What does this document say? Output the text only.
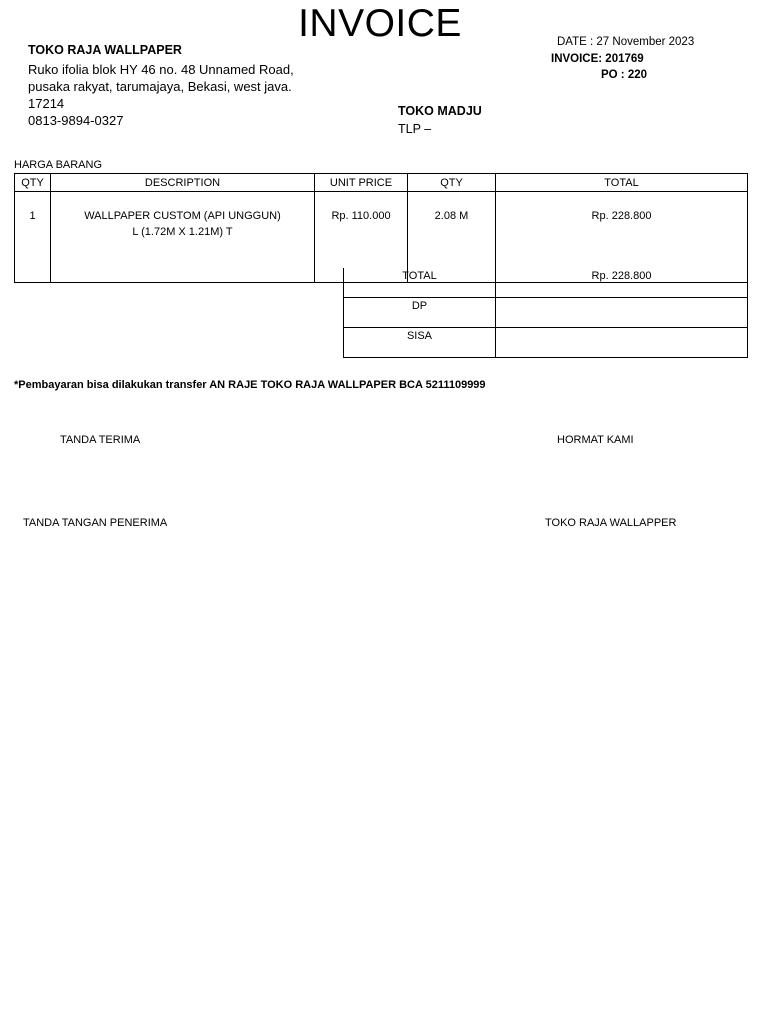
INVOICE
TOKO RAJA WALLPAPER
Ruko ifolia blok HY 46 no. 48 Unnamed Road,
pusaka rakyat, tarumajaya, Bekasi, west java.
17214
0813-9894-0327
DATE : 27 November 2023
INVOICE: 201769
PO : 220
TOKO MADJU
TLP –
HARGA BARANG
QTY	DESCRIPTION	UNIT PRICE	QTY	TOTAL
1	WALLPAPER CUSTOM (API UNGGUN)
L (1.72M X 1.21M) T	Rp. 110.000	2.08 M	Rp. 228.800
TOTAL	Rp. 228.800
DP	
SISA	
*Pembayaran bisa dilakukan transfer AN RAJE TOKO RAJA WALLPAPER BCA 5211109999
TANDA TERIMA	HORMAT KAMI
TANDA TANGAN PENERIMA	TOKO RAJA WALLAPPER
